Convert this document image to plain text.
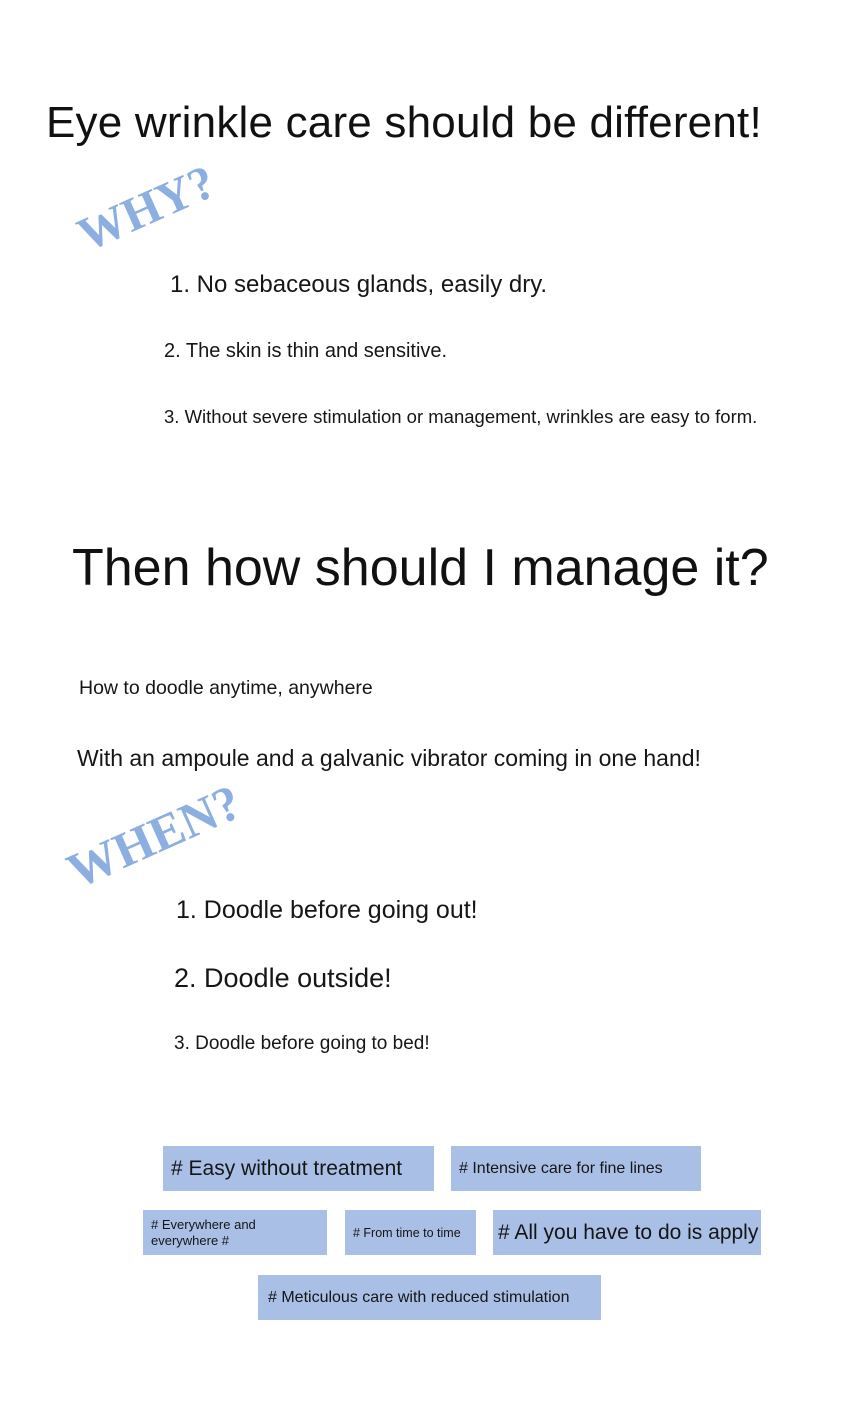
Eye wrinkle care should be different!
WHY?
1. No sebaceous glands, easily dry.
2. The skin is thin and sensitive.
3. Without severe stimulation or management, wrinkles are easy to form.
Then how should I manage it?
How to doodle anytime, anywhere
With an ampoule and a galvanic vibrator coming in one hand!
WHEN?
1. Doodle before going out!
2. Doodle outside!
3. Doodle before going to bed!
# Easy without treatment	# Intensive care for fine lines
# Everywhere and everywhere #	# From time to time	# All you have to do is apply
# Meticulous care with reduced stimulation
